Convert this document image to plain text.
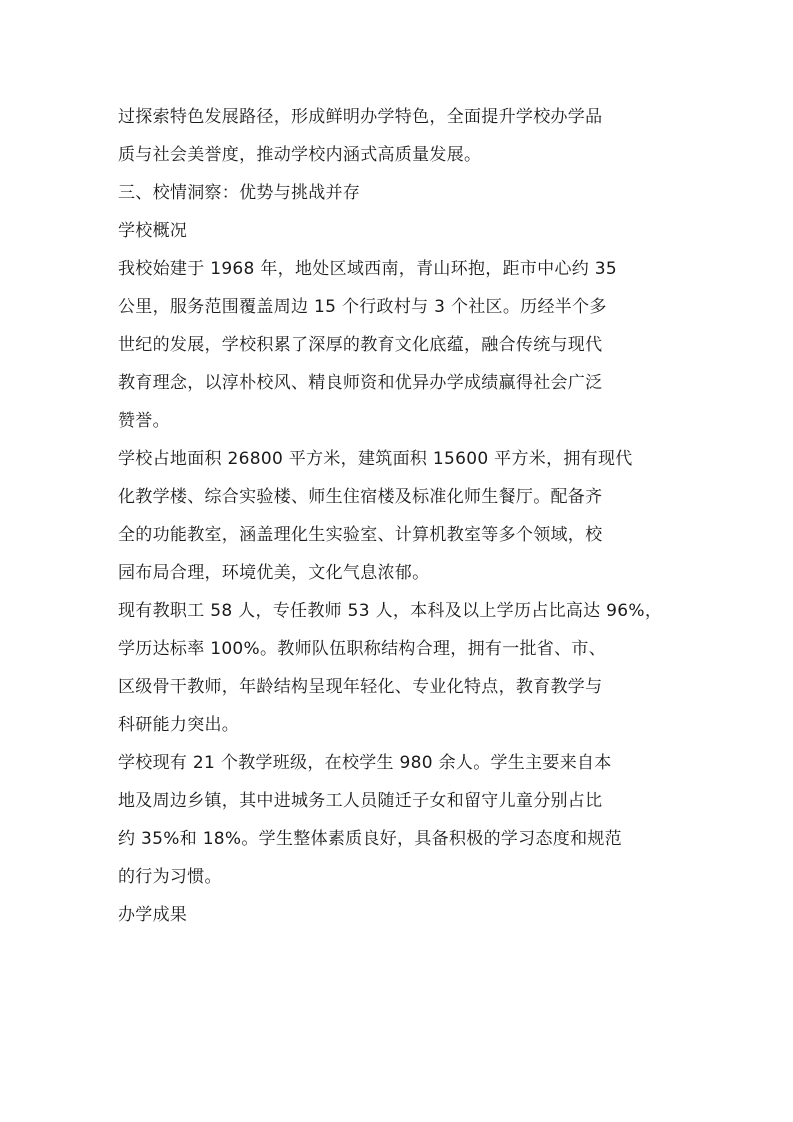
过探索特色发展路径，形成鲜明办学特色，全面提升学校办学品
质与社会美誉度，推动学校内涵式高质量发展。
三、校情洞察：优势与挑战并存
学校概况
我校始建于 1968 年，地处区域西南，青山环抱，距市中心约 35
公里，服务范围覆盖周边 15 个行政村与 3 个社区。历经半个多
世纪的发展，学校积累了深厚的教育文化底蕴，融合传统与现代
教育理念，以淳朴校风、精良师资和优异办学成绩赢得社会广泛
赞誉。
学校占地面积 26800 平方米，建筑面积 15600 平方米，拥有现代
化教学楼、综合实验楼、师生住宿楼及标准化师生餐厅。配备齐
全的功能教室，涵盖理化生实验室、计算机教室等多个领域，校
园布局合理，环境优美，文化气息浓郁。
现有教职工 58 人，专任教师 53 人，本科及以上学历占比高达 96%，
学历达标率 100%。教师队伍职称结构合理，拥有一批省、市、
区级骨干教师，年龄结构呈现年轻化、专业化特点，教育教学与
科研能力突出。
学校现有 21 个教学班级，在校学生 980 余人。学生主要来自本
地及周边乡镇，其中进城务工人员随迁子女和留守儿童分别占比
约 35%和 18%。学生整体素质良好，具备积极的学习态度和规范
的行为习惯。
办学成果
